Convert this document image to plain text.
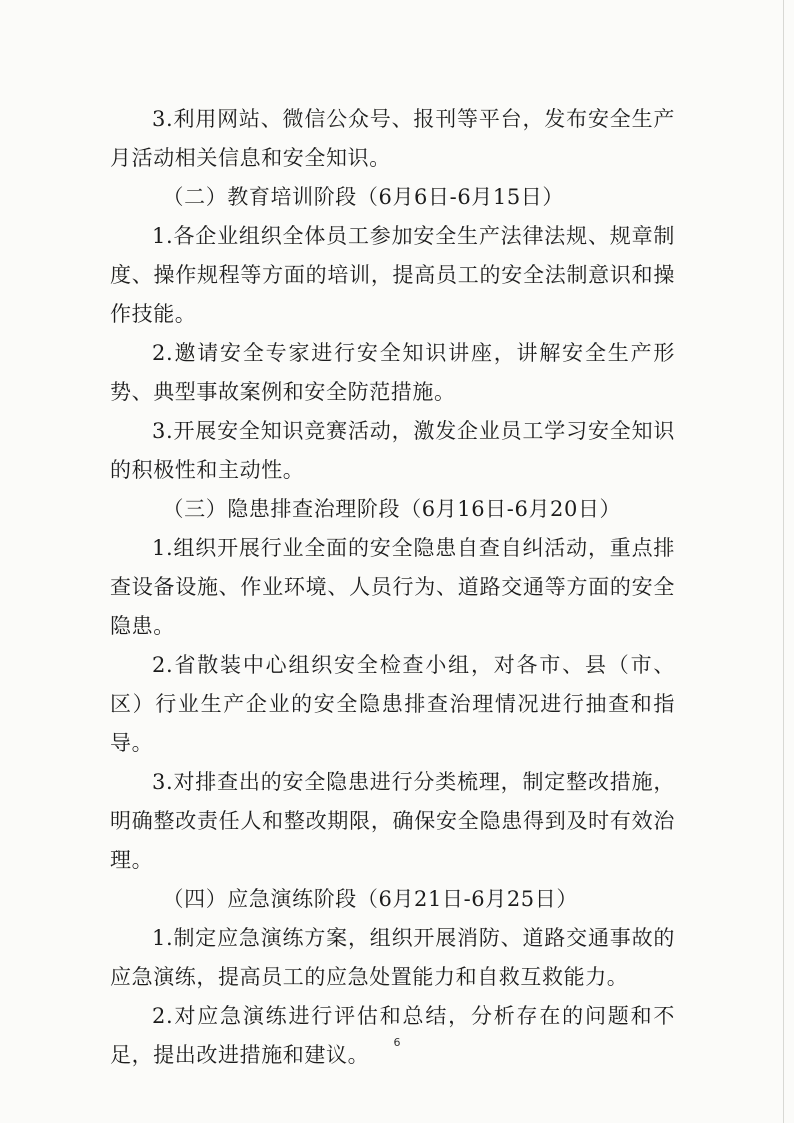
3.利用网站、微信公众号、报刊等平台，发布安全生产月活动相关信息和安全知识。

（二）教育培训阶段（6月6日-6月15日）

1.各企业组织全体员工参加安全生产法律法规、规章制度、操作规程等方面的培训，提高员工的安全法制意识和操作技能。

2.邀请安全专家进行安全知识讲座，讲解安全生产形势、典型事故案例和安全防范措施。

3.开展安全知识竞赛活动，激发企业员工学习安全知识的积极性和主动性。

（三）隐患排查治理阶段（6月16日-6月20日）

1.组织开展行业全面的安全隐患自查自纠活动，重点排查设备设施、作业环境、人员行为、道路交通等方面的安全隐患。

2.省散装中心组织安全检查小组，对各市、县（市、区）行业生产企业的安全隐患排查治理情况进行抽查和指导。

3.对排查出的安全隐患进行分类梳理，制定整改措施，明确整改责任人和整改期限，确保安全隐患得到及时有效治理。

（四）应急演练阶段（6月21日-6月25日）

1.制定应急演练方案，组织开展消防、道路交通事故的应急演练，提高员工的应急处置能力和自救互救能力。

2.对应急演练进行评估和总结，分析存在的问题和不足，提出改进措施和建议。

6
